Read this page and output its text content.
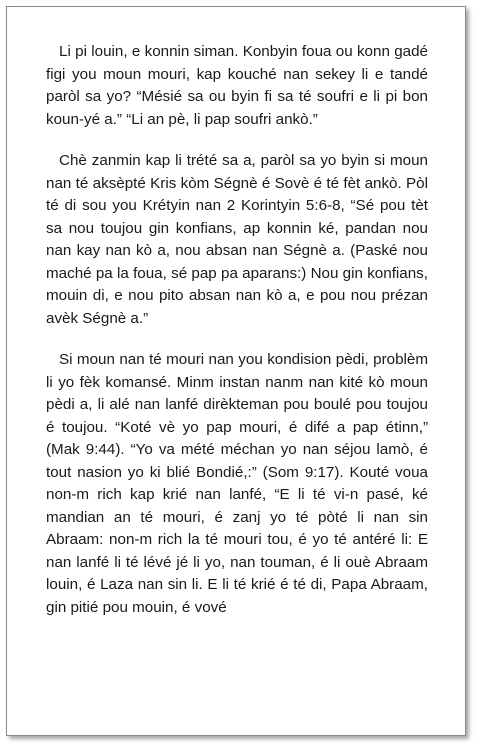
Li pi louin, e konnin siman. Konbyin foua ou konn gadé figi you moun mouri, kap kouché nan sekey li e tandé paròl sa yo? “Mésié sa ou byin fi sa té soufri e li pi bon koun-yé a.” “Li an pè, li pap soufri ankò.”

Chè zanmin kap li trété sa a, paròl sa yo byin si moun nan té aksèpté Kris kòm Ségnè é Sovè é té fèt ankò. Pòl té di sou you Krétyin nan 2 Korintyin 5:6-8, “Sé pou tèt sa nou toujou gin konfians, ap konnin ké, pandan nou nan kay nan kò a, nou absan nan Ségnè a. (Paské nou maché pa la foua, sé pap pa aparans:) Nou gin konfians, mouin di, e nou pito absan nan kò a, e pou nou prézan avèk Ségnè a.”

Si moun nan té mouri nan you kondision pèdi, problèm li yo fèk komansé. Minm instan nanm nan kité kò moun pèdi a, li alé nan lanfé dirèkteman pou boulé pou toujou é toujou. “Koté vè yo pap mouri, é difé a pap étinn,” (Mak 9:44). “Yo va mété méchan yo nan séjou lamò, é tout nasion yo ki blié Bondié,:” (Som 9:17). Kouté voua non-m rich kap krié nan lanfé, “E li té vi-n pasé, ké mandian an té mouri, é zanj yo té pòté li nan sin Abraam: non-m rich la té mouri tou, é yo té antéré li: E nan lanfé li té lévé jé li yo, nan touman, é li ouè Abraam louin, é Laza nan sin li. E li té krié é té di, Papa Abraam, gin pitié pou mouin, é vové
